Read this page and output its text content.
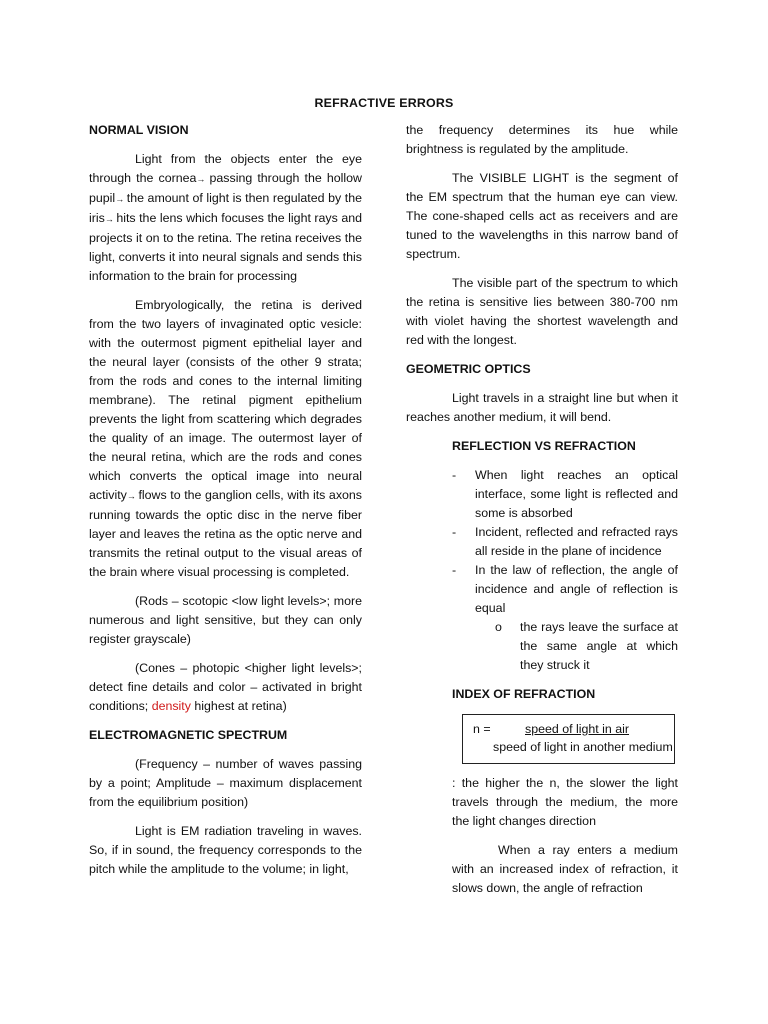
REFRACTIVE ERRORS
NORMAL VISION

Light from the objects enter the eye through the cornea→ passing through the hollow pupil→ the amount of light is then regulated by the iris→ hits the lens which focuses the light rays and projects it on to the retina. The retina receives the light, converts it into neural signals and sends this information to the brain for processing

Embryologically, the retina is derived from the two layers of invaginated optic vesicle: with the outermost pigment epithelial layer and the neural layer (consists of the other 9 strata; from the rods and cones to the internal limiting membrane). The retinal pigment epithelium prevents the light from scattering which degrades the quality of an image. The outermost layer of the neural retina, which are the rods and cones which converts the optical image into neural activity→ flows to the ganglion cells, with its axons running towards the optic disc in the nerve fiber layer and leaves the retina as the optic nerve and transmits the retinal output to the visual areas of the brain where visual processing is completed.

(Rods – scotopic <low light levels>; more numerous and light sensitive, but they can only register grayscale)

(Cones – photopic <higher light levels>; detect fine details and color – activated in bright conditions; density highest at retina)

ELECTROMAGNETIC SPECTRUM

(Frequency – number of waves passing by a point; Amplitude – maximum displacement from the equilibrium position)

Light is EM radiation traveling in waves. So, if in sound, the frequency corresponds to the pitch while the amplitude to the volume; in light,

the frequency determines its hue while brightness is regulated by the amplitude.

The VISIBLE LIGHT is the segment of the EM spectrum that the human eye can view. The cone-shaped cells act as receivers and are tuned to the wavelengths in this narrow band of spectrum.

The visible part of the spectrum to which the retina is sensitive lies between 380-700 nm with violet having the shortest wavelength and red with the longest.

GEOMETRIC OPTICS

Light travels in a straight line but when it reaches another medium, it will bend.

REFLECTION VS REFRACTION
- When light reaches an optical interface, some light is reflected and some is absorbed
- Incident, reflected and refracted rays all reside in the plane of incidence
- In the law of reflection, the angle of incidence and angle of reflection is equal
o the rays leave the surface at the same angle at which they struck it
INDEX OF REFRACTION
n =	speed of light in air
speed of light in another medium

: the higher the n, the slower the light travels through the medium, the more the light changes direction

When a ray enters a medium with an increased index of refraction, it slows down, the angle of refraction
